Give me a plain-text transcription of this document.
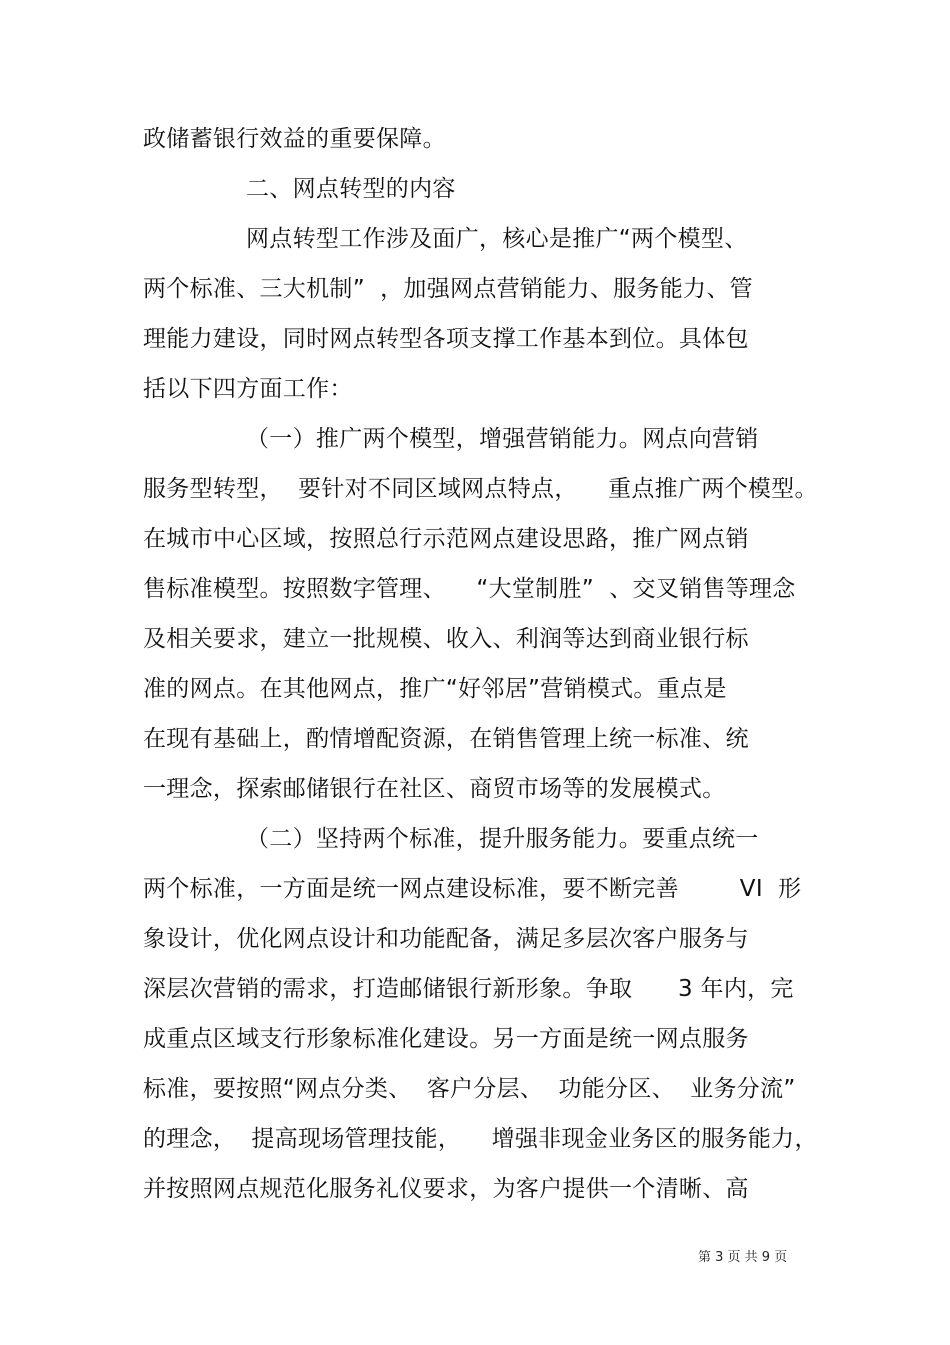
政储蓄银行效益的重要保障。
二、网点转型的内容
网点转型工作涉及面广，核心是推广“两个模型、
两个标准、三大机制”  ，加强网点营销能力、服务能力、管
理能力建设，同时网点转型各项支撑工作基本到位。具体包
括以下四方面工作：
（一）推广两个模型，增强营销能力。网点向营销
服务型转型，  要针对不同区域网点特点，    重点推广两个模型。
在城市中心区域，按照总行示范网点建设思路，推广网点销
售标准模型。按照数字管理、    “大堂制胜”  、交叉销售等理念
及相关要求，建立一批规模、收入、利润等达到商业银行标
准的网点。在其他网点，推广“好邻居”营销模式。重点是
在现有基础上，酌情增配资源，在销售管理上统一标准、统
一理念，探索邮储银行在社区、商贸市场等的发展模式。
（二）坚持两个标准，提升服务能力。要重点统一
两个标准，一方面是统一网点建设标准，要不断完善        VI  形
象设计，优化网点设计和功能配备，满足多层次客户服务与
深层次营销的需求，打造邮储银行新形象。争取      3 年内，完
成重点区域支行形象标准化建设。另一方面是统一网点服务
标准，要按照“网点分类、  客户分层、  功能分区、  业务分流”
的理念，  提高现场管理技能，    增强非现金业务区的服务能力，
并按照网点规范化服务礼仪要求，为客户提供一个清晰、高
第 3 页 共 9 页
